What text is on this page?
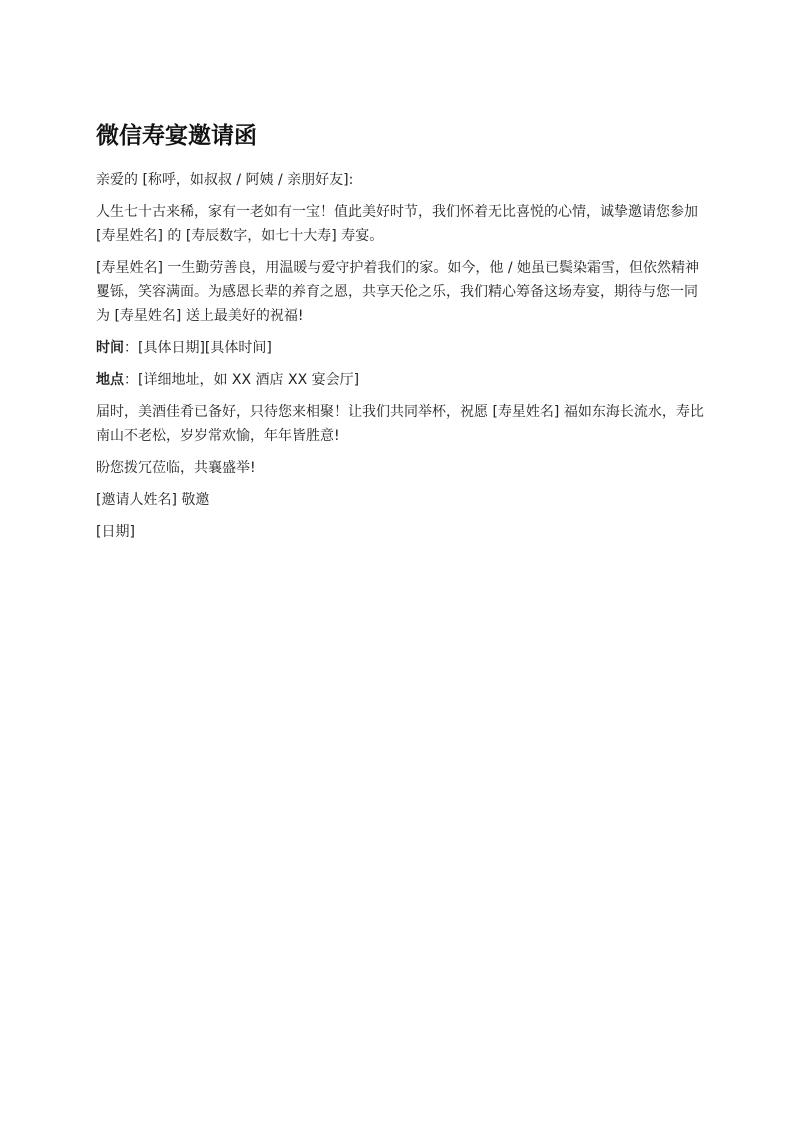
微信寿宴邀请函

亲爱的 [称呼，如叔叔 / 阿姨 / 亲朋好友]:

人生七十古来稀，家有一老如有一宝！值此美好时节，我们怀着无比喜悦的心情，诚挚邀请您参加 [寿星姓名] 的 [寿辰数字，如七十大寿] 寿宴。

[寿星姓名] 一生勤劳善良，用温暖与爱守护着我们的家。如今，他 / 她虽已鬓染霜雪，但依然精神矍铄，笑容满面。为感恩长辈的养育之恩，共享天伦之乐，我们精心筹备这场寿宴，期待与您一同为 [寿星姓名] 送上最美好的祝福!

时间：[具体日期][具体时间]

地点：[详细地址，如 XX 酒店 XX 宴会厅]

届时，美酒佳肴已备好，只待您来相聚！让我们共同举杯，祝愿 [寿星姓名] 福如东海长流水，寿比南山不老松，岁岁常欢愉，年年皆胜意!

盼您拨冗莅临，共襄盛举!

[邀请人姓名] 敬邀

[日期]
